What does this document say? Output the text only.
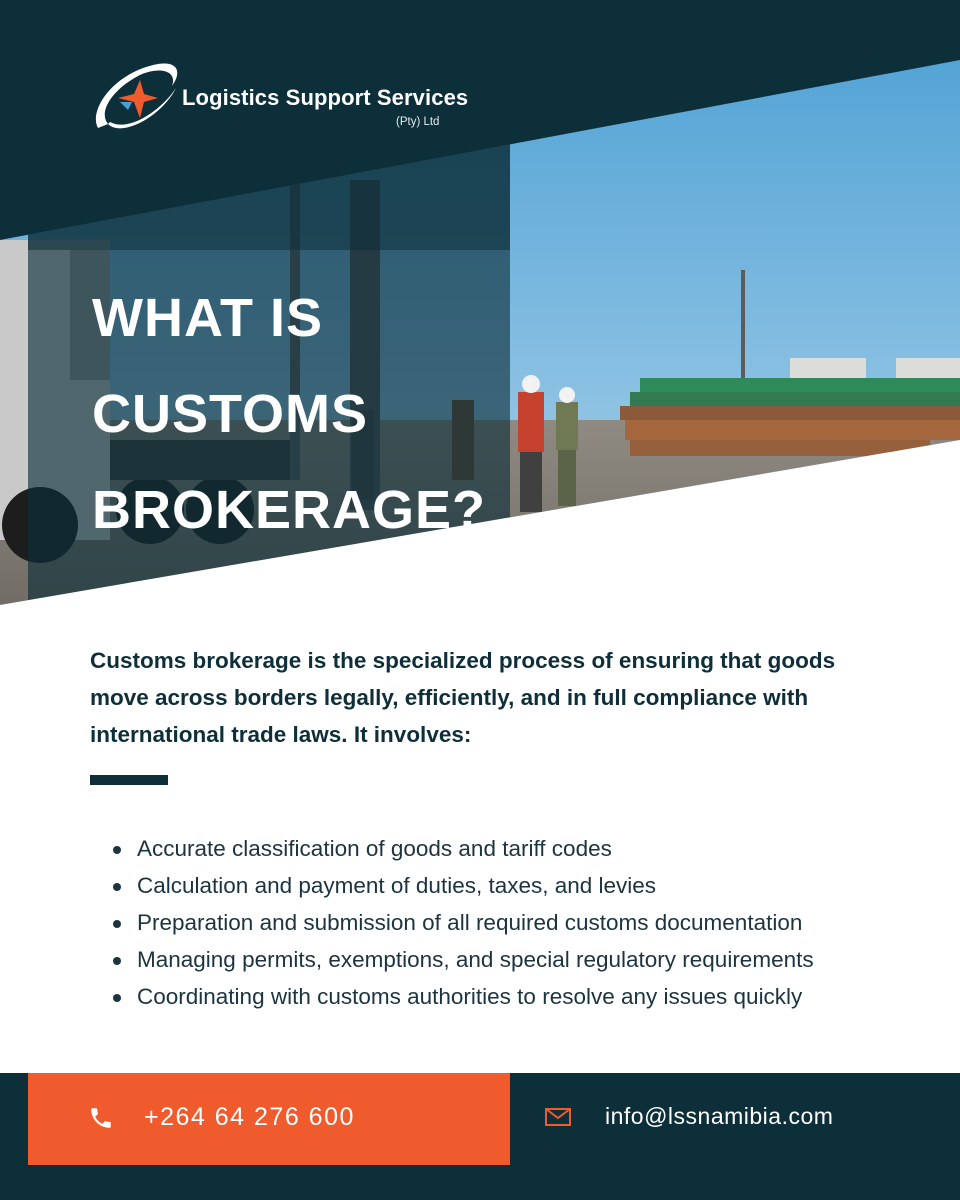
Logistics Support Services
(Pty) Ltd
WHAT IS
CUSTOMS
BROKERAGE?

Customs brokerage is the specialized process of ensuring that goods move across borders legally, efficiently, and in full compliance with international trade laws. It involves:

Accurate classification of goods and tariff codes
Calculation and payment of duties, taxes, and levies
Preparation and submission of all required customs documentation
Managing permits, exemptions, and special regulatory requirements
Coordinating with customs authorities to resolve any issues quickly
+264 64 276 600	info@lssnamibia.com
